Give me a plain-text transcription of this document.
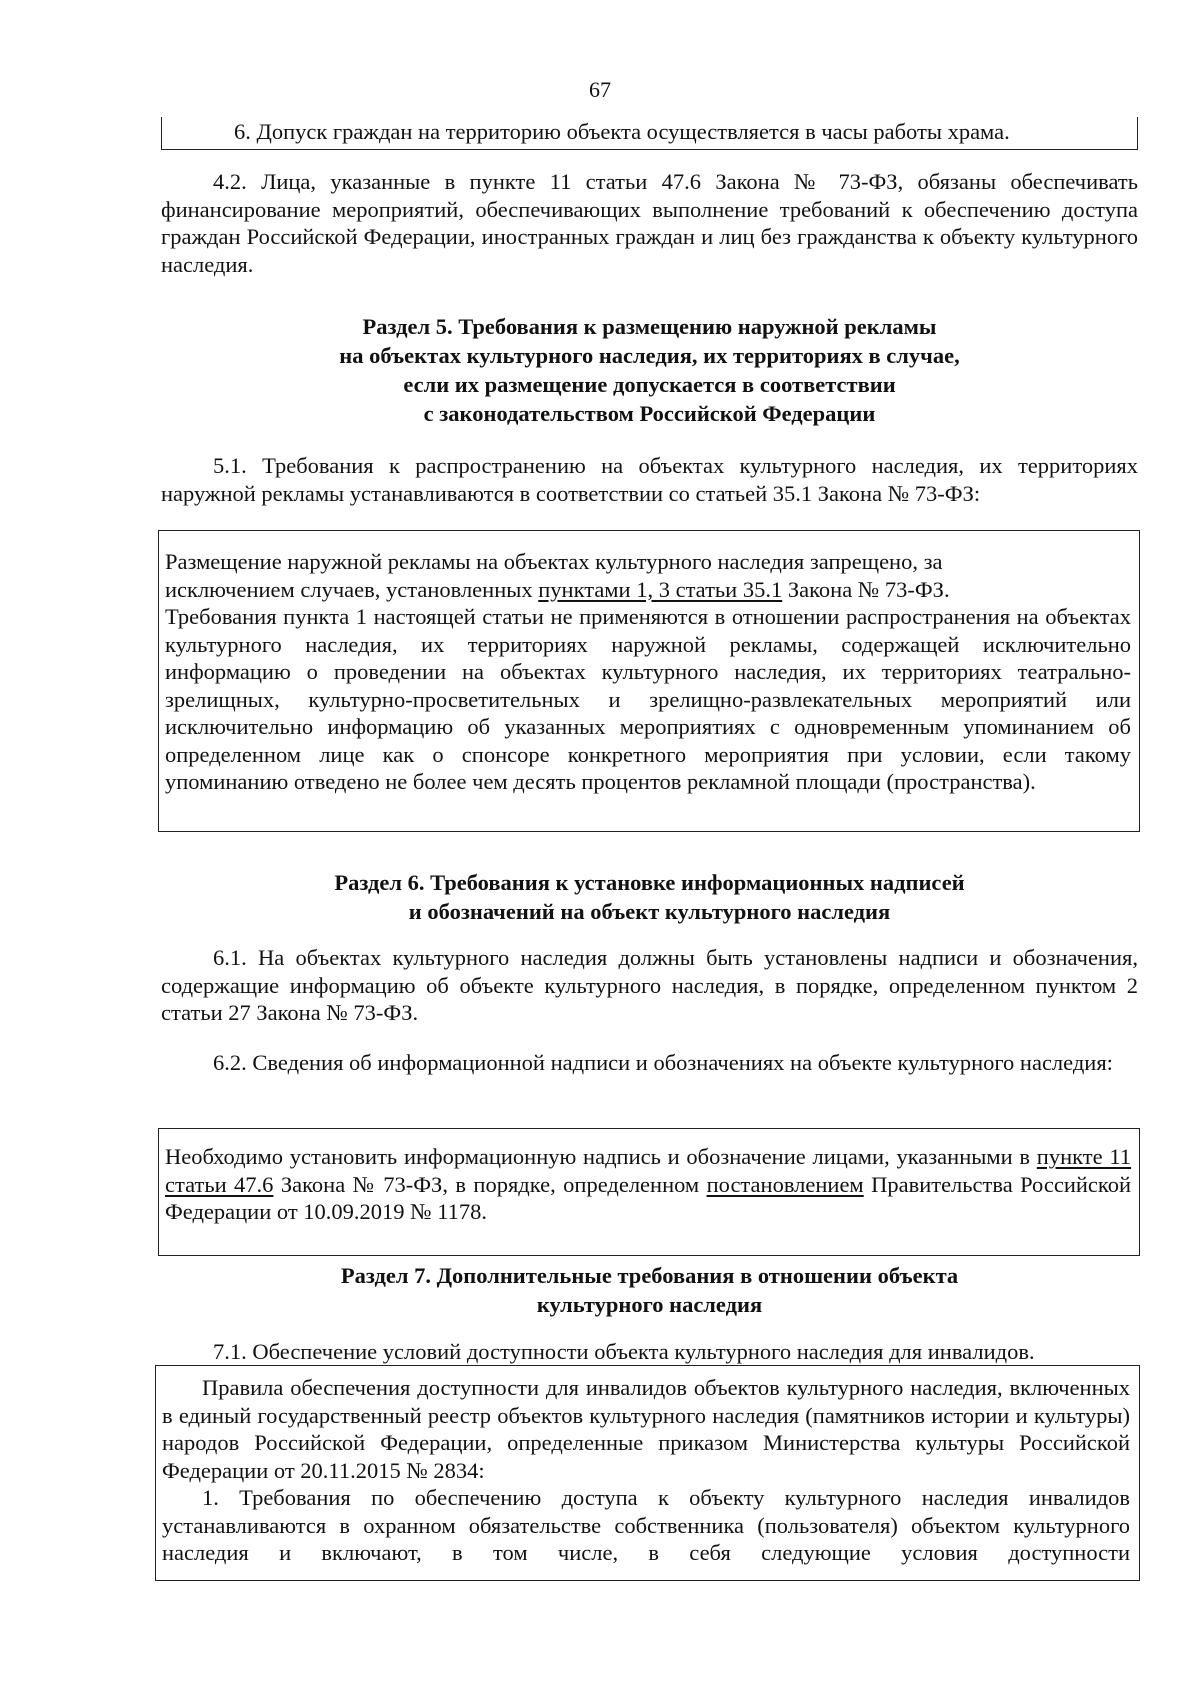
67
6. Допуск граждан на территорию объекта осуществляется в часы работы храма.

4.2. Лица, указанные в пункте 11 статьи 47.6 Закона № 73-ФЗ, обязаны обеспечивать финансирование мероприятий, обеспечивающих выполнение требований к обеспечению доступа граждан Российской Федерации, иностранных граждан и лиц без гражданства к объекту культурного наследия.

Раздел 5. Требования к размещению наружной рекламы
на объектах культурного наследия, их территориях в случае,
если их размещение допускается в соответствии
с законодательством Российской Федерации

5.1. Требования к распространению на объектах культурного наследия, их территориях наружной рекламы устанавливаются в соответствии со статьей 35.1 Закона № 73-ФЗ:

Размещение наружной рекламы на объектах культурного наследия запрещено, за
исключением случаев, установленных пунктами 1, 3 статьи 35.1 Закона № 73-ФЗ.

Требования пункта 1 настоящей статьи не применяются в отношении распространения на объектах культурного наследия, их территориях наружной рекламы, содержащей исключительно информацию о проведении на объектах культурного наследия, их территориях театрально-зрелищных, культурно-просветительных и зрелищно-развлекательных мероприятий или исключительно информацию об указанных мероприятиях с одновременным упоминанием об определенном лице как о спонсоре конкретного мероприятия при условии, если такому упоминанию отведено не более чем десять процентов рекламной площади (пространства).

Раздел 6. Требования к установке информационных надписей
и обозначений на объект культурного наследия

6.1. На объектах культурного наследия должны быть установлены надписи и обозначения, содержащие информацию об объекте культурного наследия, в порядке, определенном пунктом 2 статьи 27 Закона № 73-ФЗ.

6.2. Сведения об информационной надписи и обозначениях на объекте культурного наследия:

Необходимо установить информационную надпись и обозначение лицами, указанными в пункте 11 статьи 47.6 Закона № 73-ФЗ, в порядке, определенном постановлением Правительства Российской Федерации от 10.09.2019 № 1178.

Раздел 7. Дополнительные требования в отношении объекта
культурного наследия
7.1. Обеспечение условий доступности объекта культурного наследия для инвалидов.

Правила обеспечения доступности для инвалидов объектов культурного наследия, включенных в единый государственный реестр объектов культурного наследия (памятников истории и культуры) народов Российской Федерации, определенные приказом Министерства культуры Российской Федерации от 20.11.2015 № 2834:

1. Требования по обеспечению доступа к объекту культурного наследия инвалидов устанавливаются в охранном обязательстве собственника (пользователя) объектом культурного наследия и включают, в том числе, в себя следующие условия доступности
